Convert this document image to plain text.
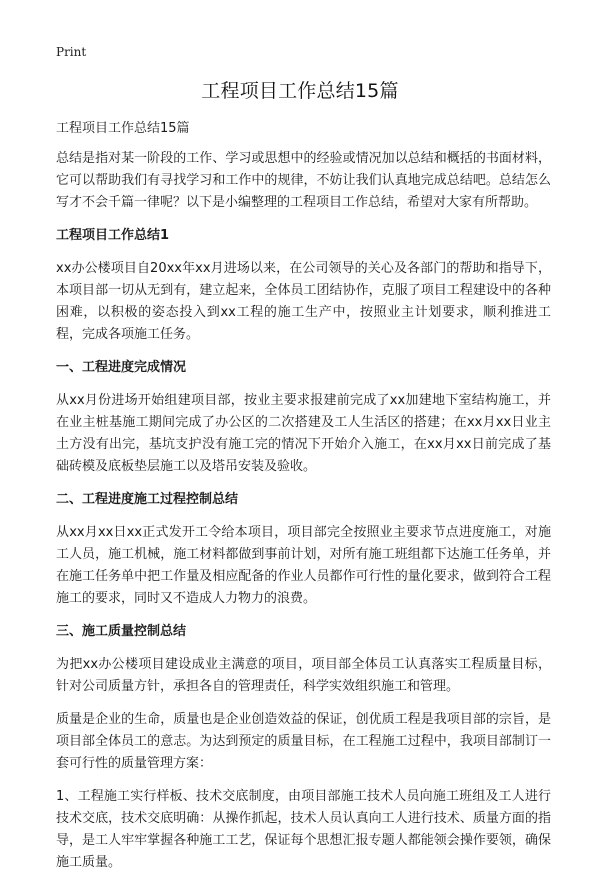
Print
工程项目工作总结15篇

工程项目工作总结15篇

总结是指对某一阶段的工作、学习或思想中的经验或情况加以总结和概括的书面材料，它可以帮助我们有寻找学习和工作中的规律，不妨让我们认真地完成总结吧。总结怎么写才不会千篇一律呢？以下是小编整理的工程项目工作总结，希望对大家有所帮助。

工程项目工作总结1

xx办公楼项目自20xx年xx月进场以来，在公司领导的关心及各部门的帮助和指导下，本项目部一切从无到有，建立起来，全体员工团结协作，克服了项目工程建设中的各种困难，以积极的姿态投入到xx工程的施工生产中，按照业主计划要求，顺利推进工程，完成各项施工任务。

一、工程进度完成情况

从xx月份进场开始组建项目部，按业主要求报建前完成了xx加建地下室结构施工，并在业主桩基施工期间完成了办公区的二次搭建及工人生活区的搭建；在xx月xx日业主土方没有出完，基坑支护没有施工完的情况下开始介入施工，在xx月xx日前完成了基础砖模及底板垫层施工以及塔吊安装及验收。

二、工程进度施工过程控制总结

从xx月xx日xx正式发开工令给本项目，项目部完全按照业主要求节点进度施工，对施工人员，施工机械，施工材料都做到事前计划，对所有施工班组都下达施工任务单，并在施工任务单中把工作量及相应配备的作业人员都作可行性的量化要求，做到符合工程施工的要求，同时又不造成人力物力的浪费。

三、施工质量控制总结

为把xx办公楼项目建设成业主满意的项目，项目部全体员工认真落实工程质量目标，针对公司质量方针，承担各自的管理责任，科学实效组织施工和管理。

质量是企业的生命，质量也是企业创造效益的保证，创优质工程是我项目部的宗旨，是项目部全体员工的意志。为达到预定的质量目标，在工程施工过程中，我项目部制订一套可行性的质量管理方案：

1、工程施工实行样板、技术交底制度，由项目部施工技术人员向施工班组及工人进行技术交底，技术交底明确：从操作抓起，技术人员认真向工人进行技术、质量方面的指导，是工人牢牢掌握各种施工工艺，保证每个思想汇报专题人都能领会操作要领，确保施工质量。
